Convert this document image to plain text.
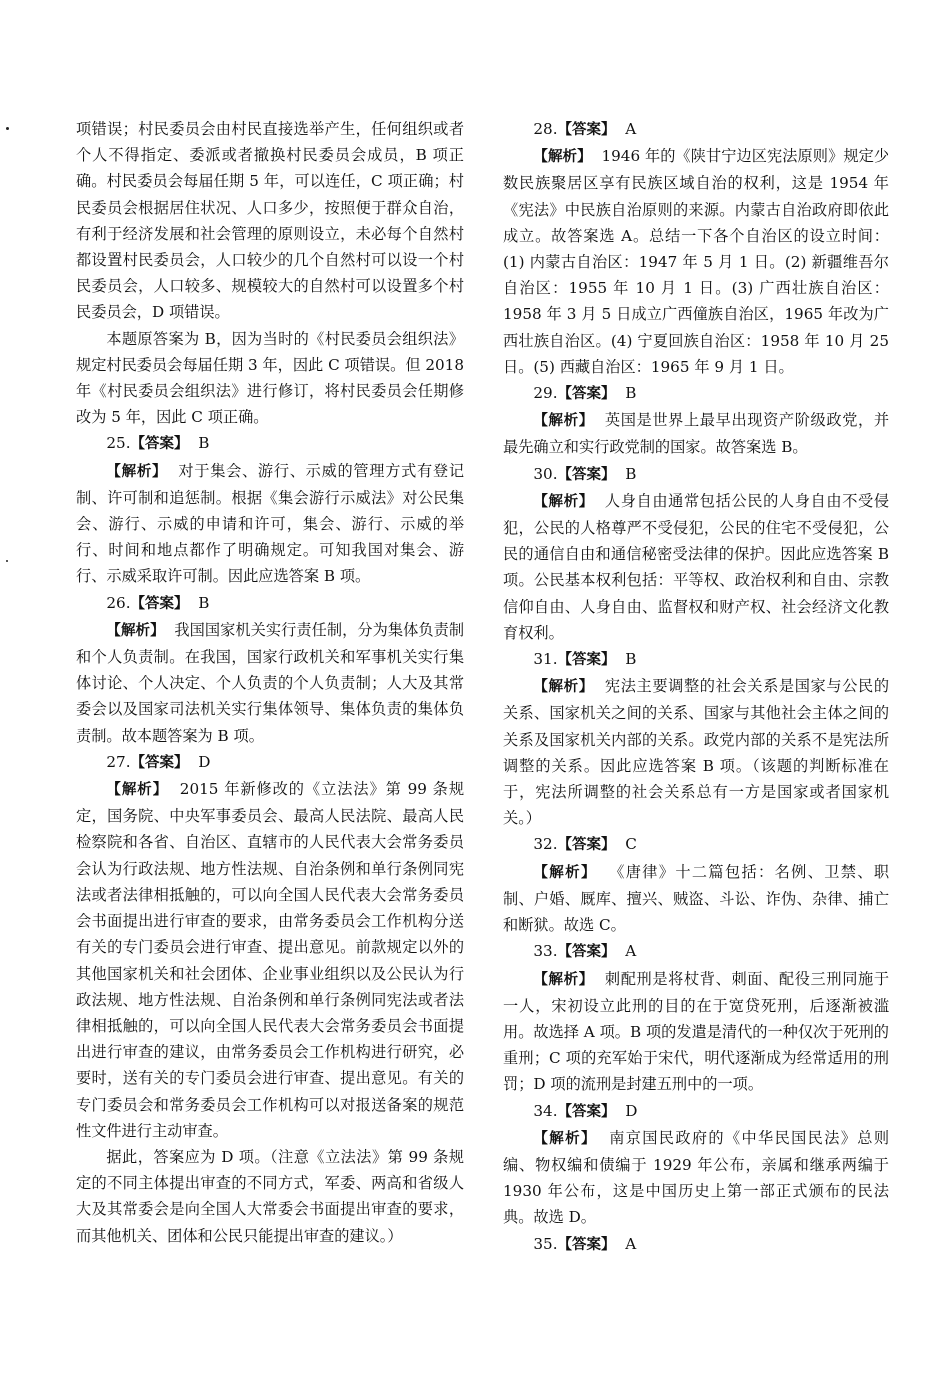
项错误；村民委员会由村民直接选举产生，任何组织或者个人不得指定、委派或者撤换村民委员会成员，B 项正确。村民委员会每届任期 5 年，可以连任，C 项正确；村民委员会根据居住状况、人口多少，按照便于群众自治，有利于经济发展和社会管理的原则设立，未必每个自然村都设置村民委员会，人口较少的几个自然村可以设一个村民委员会，人口较多、规模较大的自然村可以设置多个村民委员会，D 项错误。

本题原答案为 B，因为当时的《村民委员会组织法》规定村民委员会每届任期 3 年，因此 C 项错误。但 2018 年《村民委员会组织法》进行修订，将村民委员会任期修改为 5 年，因此 C 项正确。

25.【答案】 B

【解析】 对于集会、游行、示威的管理方式有登记制、许可制和追惩制。根据《集会游行示威法》对公民集会、游行、示威的申请和许可，集会、游行、示威的举行、时间和地点都作了明确规定。可知我国对集会、游行、示威采取许可制。因此应选答案 B 项。

26.【答案】 B

【解析】 我国国家机关实行责任制，分为集体负责制和个人负责制。在我国，国家行政机关和军事机关实行集体讨论、个人决定、个人负责的个人负责制；人大及其常委会以及国家司法机关实行集体领导、集体负责的集体负责制。故本题答案为 B 项。

27.【答案】 D

【解析】 2015 年新修改的《立法法》第 99 条规定，国务院、中央军事委员会、最高人民法院、最高人民检察院和各省、自治区、直辖市的人民代表大会常务委员会认为行政法规、地方性法规、自治条例和单行条例同宪法或者法律相抵触的，可以向全国人民代表大会常务委员会书面提出进行审查的要求，由常务委员会工作机构分送有关的专门委员会进行审查、提出意见。前款规定以外的其他国家机关和社会团体、企业事业组织以及公民认为行政法规、地方性法规、自治条例和单行条例同宪法或者法律相抵触的，可以向全国人民代表大会常务委员会书面提出进行审查的建议，由常务委员会工作机构进行研究，必要时，送有关的专门委员会进行审查、提出意见。有关的专门委员会和常务委员会工作机构可以对报送备案的规范性文件进行主动审查。

据此，答案应为 D 项。（注意《立法法》第 99 条规定的不同主体提出审查的不同方式，军委、两高和省级人大及其常委会是向全国人大常委会书面提出审查的要求，而其他机关、团体和公民只能提出审查的建议。）

28.【答案】 A

【解析】 1946 年的《陕甘宁边区宪法原则》规定少数民族聚居区享有民族区域自治的权利，这是 1954 年《宪法》中民族自治原则的来源。内蒙古自治政府即依此成立。故答案选 A。总结一下各个自治区的设立时间：(1) 内蒙古自治区：1947 年 5 月 1 日。(2) 新疆维吾尔自治区：1955 年 10 月 1 日。(3) 广西壮族自治区：1958 年 3 月 5 日成立广西僮族自治区，1965 年改为广西壮族自治区。(4) 宁夏回族自治区：1958 年 10 月 25 日。(5) 西藏自治区：1965 年 9 月 1 日。

29.【答案】 B

【解析】 英国是世界上最早出现资产阶级政党，并最先确立和实行政党制的国家。故答案选 B。

30.【答案】 B

【解析】 人身自由通常包括公民的人身自由不受侵犯，公民的人格尊严不受侵犯，公民的住宅不受侵犯，公民的通信自由和通信秘密受法律的保护。因此应选答案 B 项。公民基本权利包括：平等权、政治权利和自由、宗教信仰自由、人身自由、监督权和财产权、社会经济文化教育权利。

31.【答案】 B

【解析】 宪法主要调整的社会关系是国家与公民的关系、国家机关之间的关系、国家与其他社会主体之间的关系及国家机关内部的关系。政党内部的关系不是宪法所调整的关系。因此应选答案 B 项。（该题的判断标准在于，宪法所调整的社会关系总有一方是国家或者国家机关。）

32.【答案】 C

【解析】 《唐律》十二篇包括：名例、卫禁、职制、户婚、厩库、擅兴、贼盗、斗讼、诈伪、杂律、捕亡和断狱。故选 C。

33.【答案】 A

【解析】 刺配刑是将杖背、刺面、配役三刑同施于一人，宋初设立此刑的目的在于宽贷死刑，后逐渐被滥用。故选择 A 项。B 项的发遣是清代的一种仅次于死刑的重刑；C 项的充军始于宋代，明代逐渐成为经常适用的刑罚；D 项的流刑是封建五刑中的一项。

34.【答案】 D

【解析】 南京国民政府的《中华民国民法》总则编、物权编和债编于 1929 年公布，亲属和继承两编于 1930 年公布，这是中国历史上第一部正式颁布的民法典。故选 D。

35.【答案】 A
